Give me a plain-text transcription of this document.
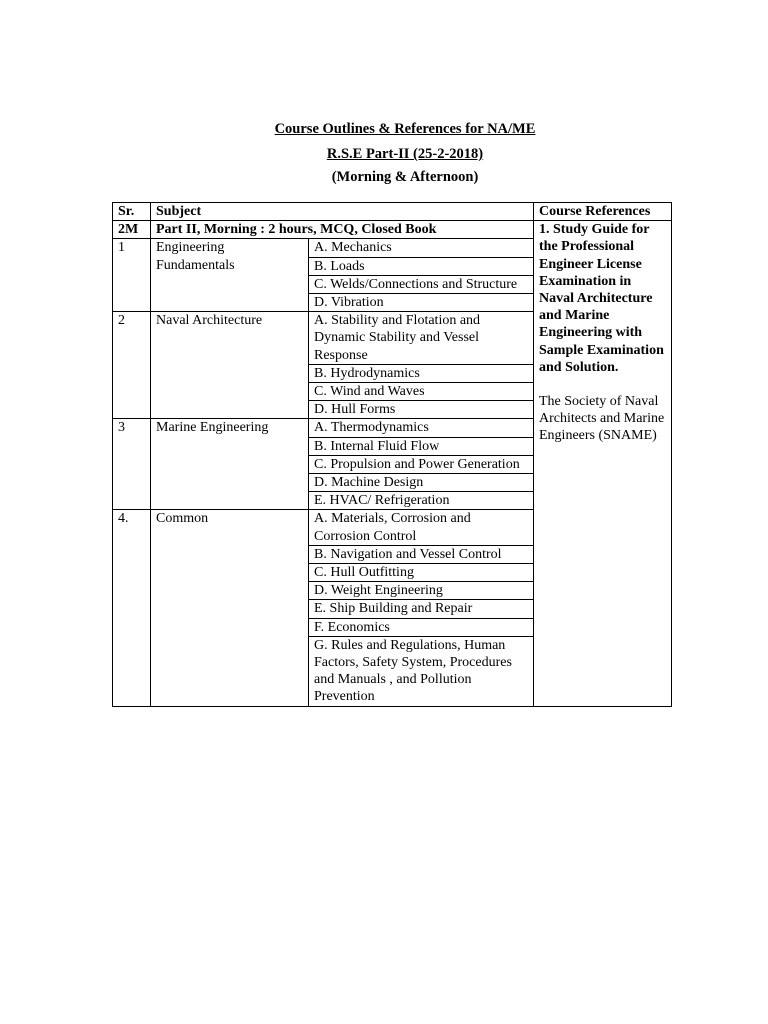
Course Outlines & References for NA/ME
R.S.E Part-II (25-2-2018)
(Morning & Afternoon)
Sr.	Subject		Course References
2M	Part II, Morning : 2 hours, MCQ, Closed Book		1. Study Guide for the Professional Engineer License Examination in Naval Architecture and Marine Engineering with Sample Examination and Solution.
The Society of Naval Architects and Marine Engineers (SNAME)

1	Engineering Fundamentals	A. Mechanics	
		B. Loads	
		C. Welds/Connections and Structure	
		D. Vibration	
2	Naval Architecture	A. Stability and Flotation and Dynamic Stability and Vessel Response	
		B. Hydrodynamics	
		C. Wind and Waves	
		D. Hull Forms	
3	Marine Engineering	A. Thermodynamics	
		B. Internal Fluid Flow	
		C. Propulsion and Power Generation	
		D. Machine Design	
		E. HVAC/ Refrigeration	
4.	Common	A. Materials, Corrosion and Corrosion Control	
		B. Navigation and Vessel Control	
		C. Hull Outfitting	
		D. Weight Engineering	
		E. Ship Building and Repair	
		F. Economics	
		G. Rules and Regulations, Human Factors, Safety System, Procedures and Manuals , and Pollution Prevention	
